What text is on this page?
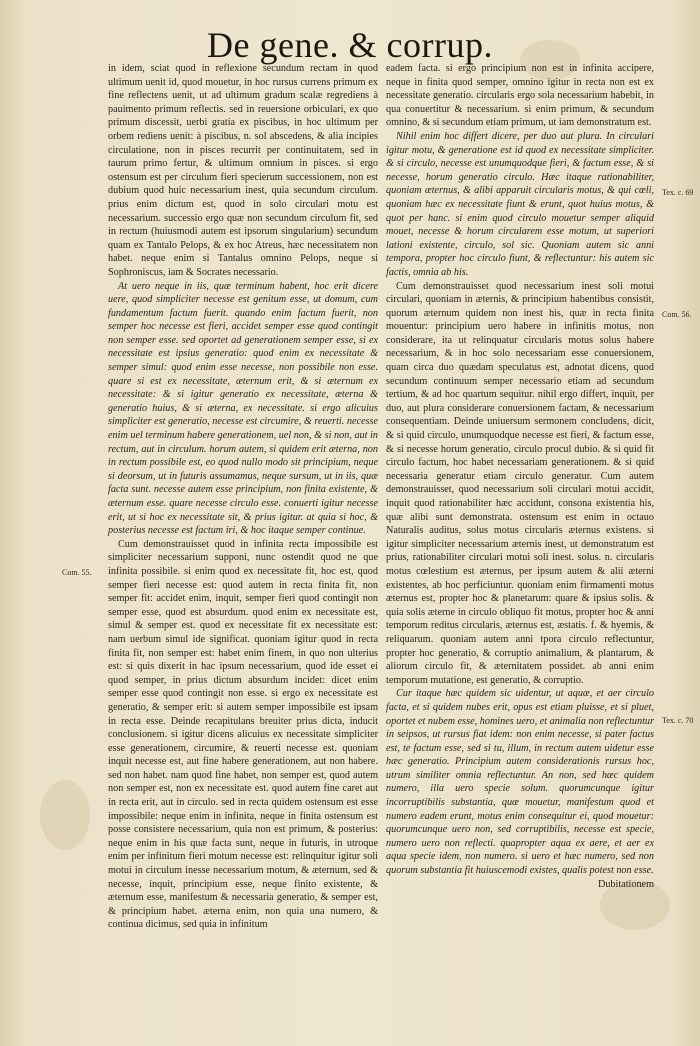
De gene. & corrup.

in idem, sciat quod in reflexione secundum rectam in quod ultimum uenit id, quod mouetur, in hoc rursus currens primum ex fine reflectens uenit, ut ad ultimum gradum scalæ regrediens à pauimento primum reflectis. sed in reuersione orbiculari, ex quo primum discessit, uerbi gratia ex piscibus, in hoc ultimum per orbem rediens uenit: à piscibus, n. sol abscedens, & alia incipies circulatione, non in pisces recurrit per continuitatem, sed in taurum primo fertur, & ultimum omnium in pisces. si ergo ostensum est per circulum fieri specierum successionem, non est dubium quod huic necessarium inest, quia secundum circulum. prius enim dictum est, quod in solo circulari motu est necessarium. successio ergo quæ non secundum circulum fit, sed in rectum (huiusmodi autem est ipsorum singularium) secundum quam ex Tantalo Pelops, & ex hoc Atreus, hæc necessitatem non habet. neque enim si Tantalus omnino Pelops, neque si Sophroniscus, iam & Socrates necessario.

At uero neque in iis, quæ terminum habent, hoc erit dicere uere, quod simpliciter necesse est genitum esse, ut domum, cum fundamentum factum fuerit. quando enim factum fuerit, non semper hoc necesse est fieri, accidet semper esse quod contingit non semper esse. sed oportet ad generationem semper esse, si ex necessitate est ipsius generatio: quod enim ex necessitate & semper simul: quod enim esse necesse, non possibile non esse. quare si est ex necessitate, æternum erit, & si æternum ex necessitate: & si igitur generatio ex necessitate, æterna & generatio huius, & si æterna, ex necessitate. si ergo alicuius simpliciter est generatio, necesse est circumire, & reuerti. necesse enim uel terminum habere generationem, uel non, & si non, aut in rectum, aut in circulum. horum autem, si quidem erit æterna, non in rectum possibile est, eo quod nullo modo sit principium, neque si deorsum, ut in futuris assumamus, neque sursum, ut in iis, quæ facta sunt. necesse autem esse principium, non finita existente, & æternum esse. quare necesse circulo esse. conuerti igitur necesse erit, ut si hoc ex necessitate sit, & prius igitur. at quia si hoc, & posterius necesse est factum iri, & hoc itaque semper continue.

Cum demonstrauisset quod in infinita recta impossibile est simpliciter necessarium supponi, nunc ostendit quod ne que infinita possibile. si enim quod ex necessitate fit, hoc est, quod semper fieri necesse est: quod autem in recta finita fit, non semper fit: accidet enim, inquit, semper fieri quod contingit non semper esse, quod est absurdum. quod enim ex necessitate est, simul & semper est. quod ex necessitate fit ex necessitate est: nam uerbum simul ide significat. quoniam igitur quod in recta finita fit, non semper est: habet enim finem, in quo non ulterius est: si quis dixerit in hac ipsum necessarium, quod ide esset ei quod semper, in prius dictum absurdum incidet: dicet enim semper esse quod contingit non esse. si ergo ex necessitate est generatio, & semper erit: si autem semper impossibile est ipsam in recta esse. Deinde recapitulans breuiter prius dicta, inducit conclusionem. si igitur dicens alicuius ex necessitate simpliciter esse generationem, circumire, & reuerti necesse est. quoniam inquit necesse est, aut fine habere generationem, aut non habere. sed non habet. nam quod fine habet, non semper est, quod autem non semper est, non ex necessitate est. quod autem fine caret aut in recta erit, aut in circulo. sed in recta quidem ostensum est esse impossibile: neque enim in infinita, neque in finita ostensum est posse consistere necessarium, quia non est primum, & posterius: neque enim in his quæ facta sunt, neque in futuris, in utroque enim per infinitum fieri motum necesse est: relinquitur igitur soli motui in circulum inesse necessarium motum, & æternum, sed & necesse, inquit, principium esse, neque finito existente, & æternum esse, manifestum & necessaria generatio, & semper est, & principium habet. æterna enim, non quia una numero, & continua dicimus, sed quia in infinitum

eadem facta. si ergo principium non est in infinita accipere, neque in finita quod semper, omnino igitur in recta non est ex necessitate generatio. circularis ergo sola necessarium habebit, in qua conuertitur & necessarium. si enim primum, & secundum omnino, & si secundum etiam primum, ut iam demonstratum est.

Nihil enim hoc differt dicere, per duo aut plura. In circulari igitur motu, & generatione est id quod ex necessitate simpliciter. & si circulo, necesse est unumquodque fieri, & factum esse, & si necesse, horum generatio circulo. Hæc itaque rationabiliter, quoniam æternus, & alibi apparuit circularis motus, & qui cœli, quoniam hæc ex necessitate fiunt & erunt, quot huius motus, & quot per hanc. si enim quod circulo mouetur semper aliquid mouet, necesse & horum circularem esse motum, ut superiori lationi existente, circulo, sol sic. Quoniam autem sic anni tempora, propter hoc circulo fiunt, & reflectuntur: his autem sic factis, omnia ab his.

Cum demonstrauisset quod necessarium inest soli motui circulari, quoniam in æternis, & principium habentibus consistit, quorum æternum quidem non inest his, quæ in recta finita mouentur: principium uero habere in infinitis motus, non considerare, ita ut relinquatur circularis motus solus habere necessarium, & in hoc solo necessariam esse conuersionem, quam circa duo quædam speculatus est, adnotat dicens, quod secundum continuum semper necessario etiam ad secundum tertium, & ad hoc quartum sequitur. nihil ergo differt, inquit, per duo, aut plura considerare conuersionem factam, & necessarium consequentiam. Deinde uniuersum sermonem concludens, dicit, & si quid circulo, unumquodque necesse est fieri, & factum esse, & si necesse horum generatio, circulo procul dubio. & si quid fit circulo factum, hoc habet necessariam generationem. & si quid necessaria generatur etiam circulo generatur. Cum autem demonstrauisset, quod necessarium soli circulari motui accidit, inquit quod rationabiliter hæc accidunt, consona existentia his, quæ alibi sunt demonstrata. ostensum est enim in octauo Naturalis auditus, solus motus circularis æternus existens. si igitur simpliciter necessarium æternis inest, ut demonstratum est prius, rationabiliter circulari motui soli inest. solus. n. circularis motus cœlestium est æternus, per ipsum autem & alii æterni existentes, ab hoc perficiuntur. quoniam enim firmamenti motus æternus est, propter hoc & planetarum: quare & ipsius solis. & quia solis æterne in circulo obliquo fit motus, propter hoc & anni temporum reditus circularis, æternus est, æstatis. f. & hyemis, & reliquarum. quoniam autem anni tpora circulo reflectuntur, propter hoc generatio, & corruptio animalium, & plantarum, & aliorum circulo fit, & æternitatem possidet. ab anni enim temporum mutatione, est generatio, & corruptio.

Cur itaque hæc quidem sic uidentur, ut aquæ, et aer circulo facta, et si quidem nubes erit, opus est etiam pluisse, et si pluet, oportet et nubem esse, homines uero, et animalia non reflectuntur in seipsos, ut rursus fiat idem: non enim necesse, si pater factus est, te factum esse, sed si tu, illum, in rectum autem uidetur esse hæc generatio. Principium autem considerationis rursus hoc, utrum similiter omnia reflectuntur. An non, sed hæc quidem numero, illa uero specie solum. quorumcunque igitur incorruptibilis substantia, quæ mouetur, manifestum quod et numero eadem erunt, motus enim consequitur ei, quod mouetur: quorumcunque uero non, sed corruptibilis, necesse est specie, numero uero non reflecti. quapropter aqua ex aere, et aer ex aqua specie idem, non numero. si uero et hæc numero, sed non quorum substantia fit huiuscemodi existes, qualis potest non esse.

Dubitationem
Com. 55.
Tex. c. 69
Com. 56.
Tex. c. 70
